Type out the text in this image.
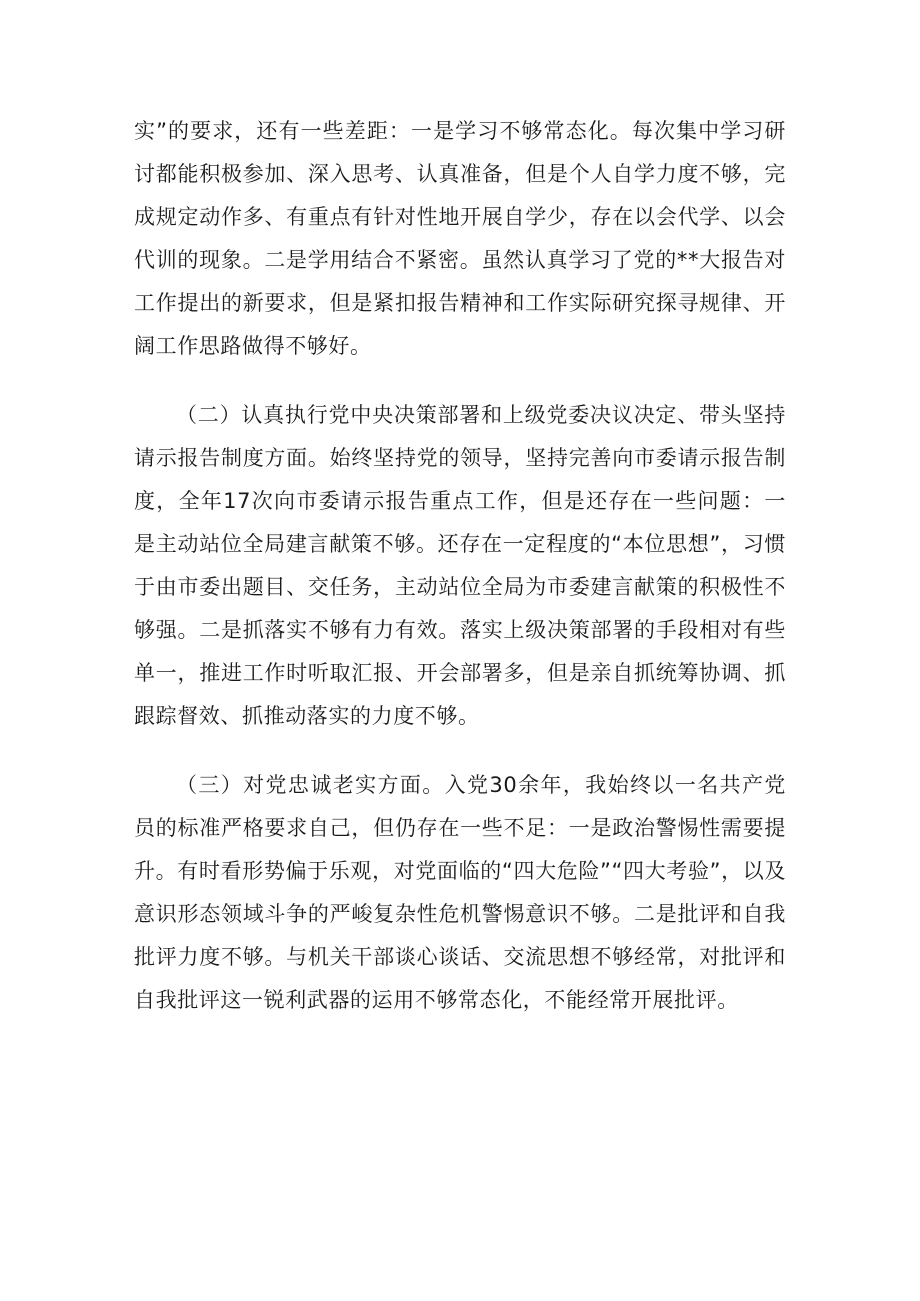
实”的要求，还有一些差距：一是学习不够常态化。每次集中学习研讨都能积极参加、深入思考、认真准备，但是个人自学力度不够，完成规定动作多、有重点有针对性地开展自学少，存在以会代学、以会代训的现象。二是学用结合不紧密。虽然认真学习了党的**大报告对工作提出的新要求，但是紧扣报告精神和工作实际研究探寻规律、开阔工作思路做得不够好。

（二）认真执行党中央决策部署和上级党委决议决定、带头坚持请示报告制度方面。始终坚持党的领导，坚持完善向市委请示报告制度，全年17次向市委请示报告重点工作，但是还存在一些问题：一是主动站位全局建言献策不够。还存在一定程度的“本位思想”，习惯于由市委出题目、交任务，主动站位全局为市委建言献策的积极性不够强。二是抓落实不够有力有效。落实上级决策部署的手段相对有些单一，推进工作时听取汇报、开会部署多，但是亲自抓统筹协调、抓跟踪督效、抓推动落实的力度不够。

（三）对党忠诚老实方面。入党30余年，我始终以一名共产党员的标准严格要求自己，但仍存在一些不足：一是政治警惕性需要提升。有时看形势偏于乐观，对党面临的“四大危险”“四大考验”，以及意识形态领域斗争的严峻复杂性危机警惕意识不够。二是批评和自我批评力度不够。与机关干部谈心谈话、交流思想不够经常，对批评和自我批评这一锐利武器的运用不够常态化，不能经常开展批评。
